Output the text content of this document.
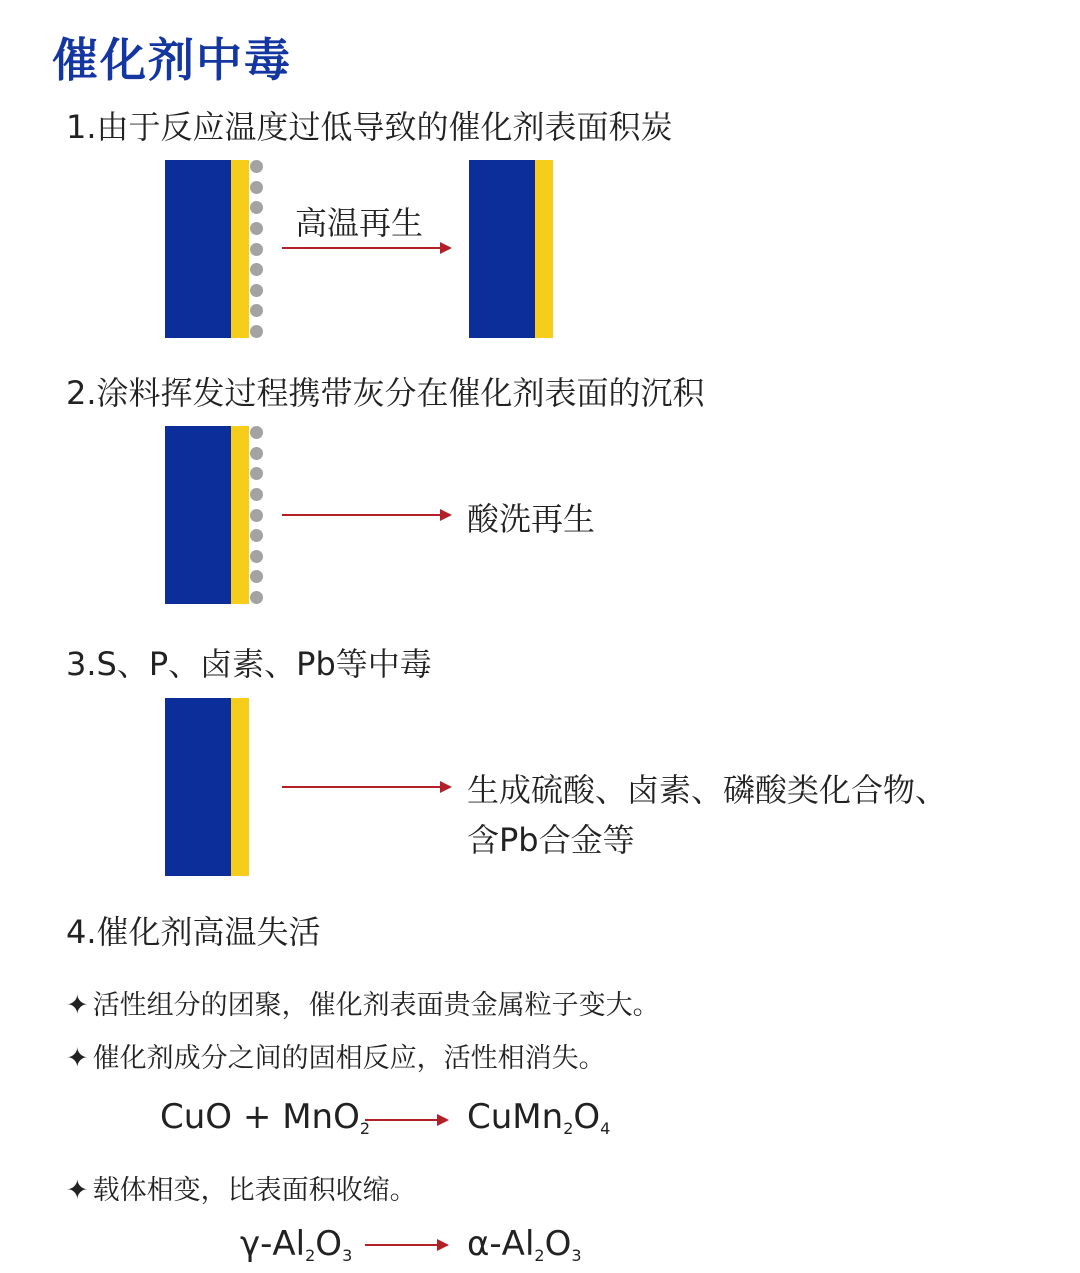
催化剂中毒
1.由于反应温度过低导致的催化剂表面积炭
高温再生
2.涂料挥发过程携带灰分在催化剂表面的沉积
酸洗再生
3.S、P、卤素、Pb等中毒
生成硫酸、卤素、磷酸类化合物、
含Pb合金等
4.催化剂高温失活
✦ 活性组分的团聚，催化剂表面贵金属粒子变大。
✦ 催化剂成分之间的固相反应，活性相消失。
CuO + MnO$_2$	$CuMn_2O_4$
✦ 载体相变，比表面积收缩。
$\gamma-Al_2O_3$	$\alpha-Al_2O_3$
